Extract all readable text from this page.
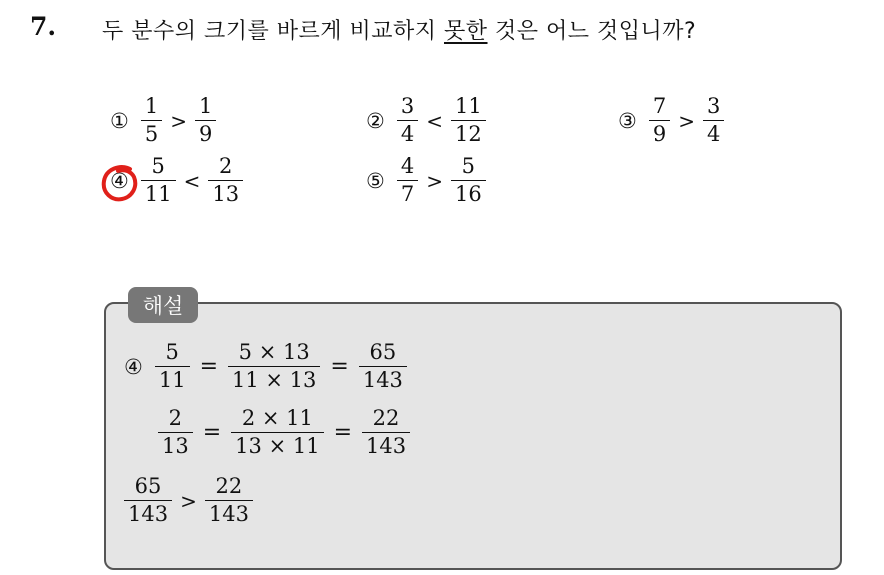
7. 두 분수의 크기를 바르게 비교하지 못한 것은 어느 것입니까?
① $\frac{1}{5} > \frac{1}{9}$	② $\frac{3}{4} < \frac{11}{12}$	③ $\frac{7}{9} > \frac{3}{4}$
④ $\frac{5}{11} < \frac{2}{13}$	⑤ $\frac{4}{7} > \frac{5}{16}$
해설
④ $\frac{5}{11} = \frac{5 \times 13}{11 \times 13} = \frac{65}{143}$
$\frac{2}{13} = \frac{2 \times 11}{13 \times 11} = \frac{22}{143}$
$\frac{65}{143} > \frac{22}{143}$
